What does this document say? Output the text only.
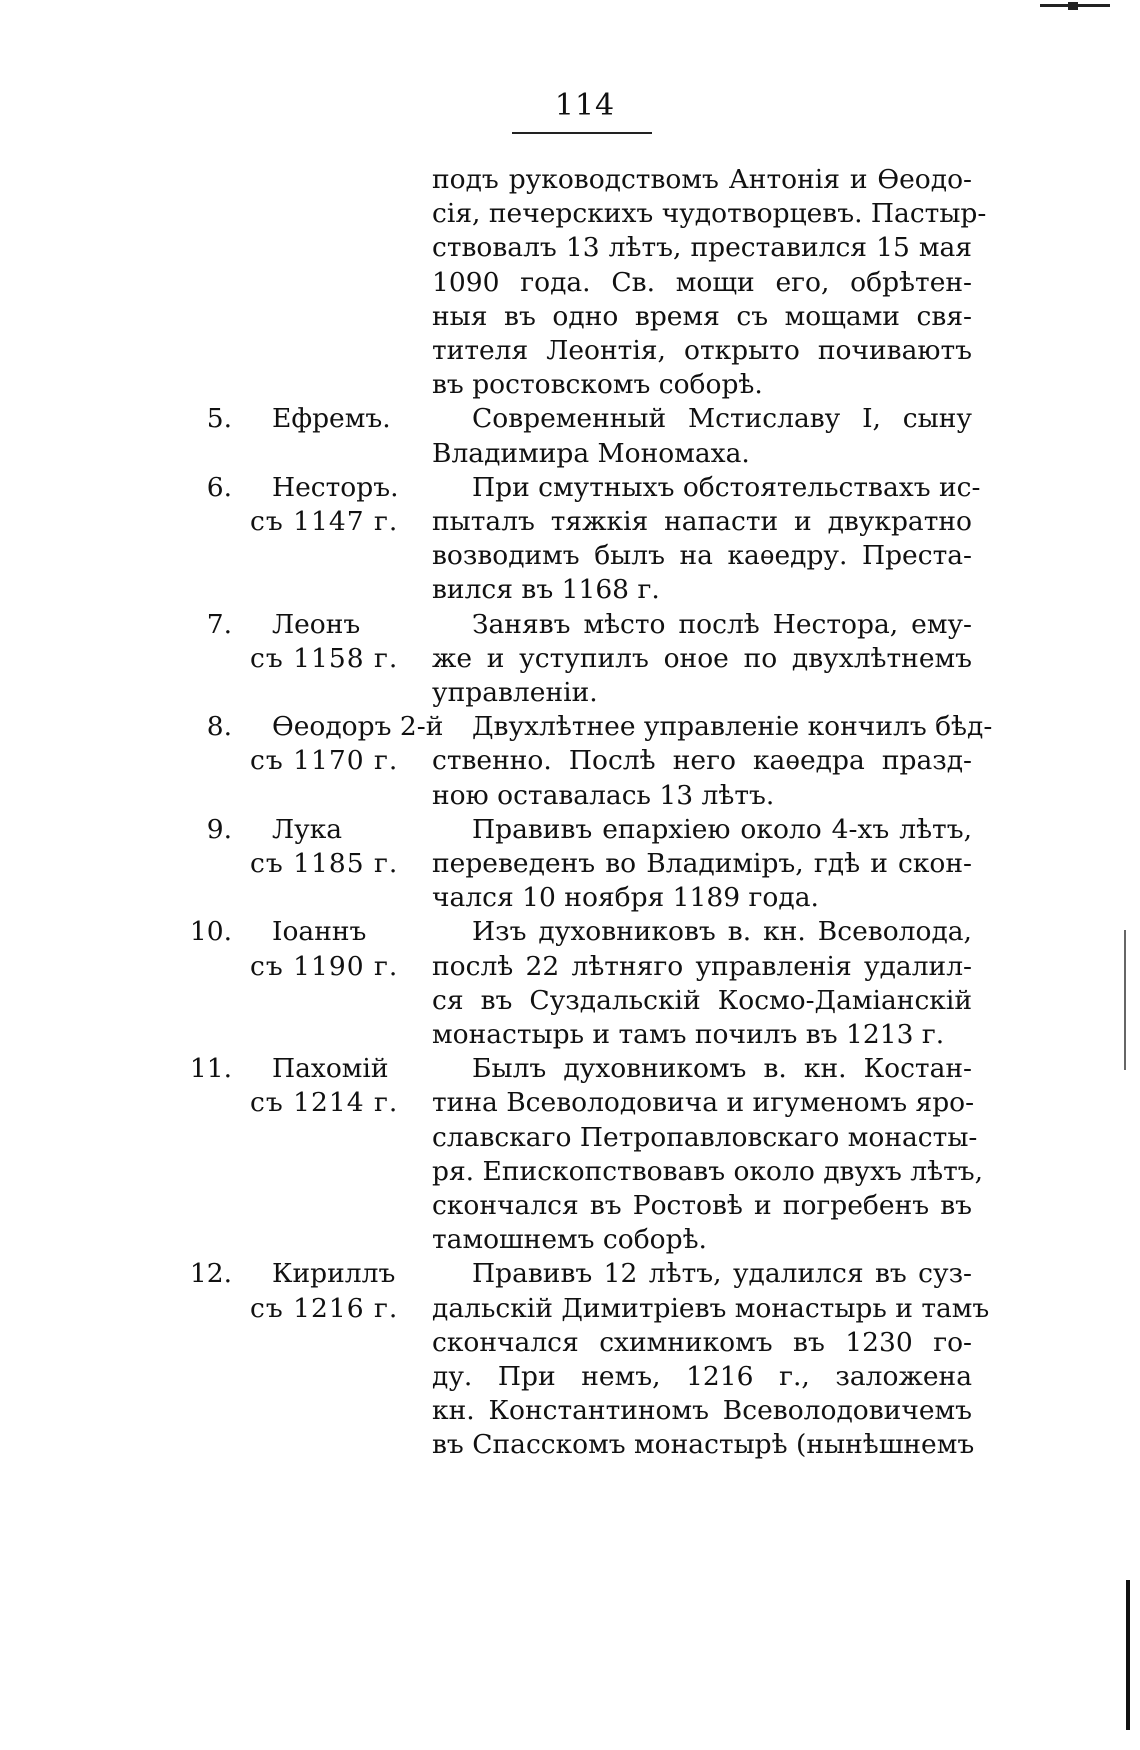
114
подъ руководствомъ Антонія и Ѳеодо-
сія, печерскихъ чудотворцевъ. Пастыр-
ствовалъ 13 лѣтъ, преставился 15 мая
1090 года. Св. мощи его, обрѣтен-
ныя въ одно время съ мощами свя-
тителя Леонтія, открыто почиваютъ
въ ростовскомъ соборѣ.
5. Ефремъ.	Современный Мстиславу I, сыну
Владимира Мономаха.
6. Несторъ.
съ 1147 г.
При смутныхъ обстоятельствахъ ис-
пыталъ тяжкія напасти и двукратно
возводимъ былъ на каѳедру. Преста-
вился въ 1168 г.
7. Леонъ
съ 1158 г.
Занявъ мѣсто послѣ Нестора, ему-
же и уступилъ оное по двухлѣтнемъ
управленіи.
8. Ѳеодоръ 2-й
съ 1170 г.
Двухлѣтнее управленіе кончилъ бѣд-
ственно. Послѣ него каѳедра празд-
ною оставалась 13 лѣтъ.
9. Лука
съ 1185 г.
Правивъ епархіею около 4-хъ лѣтъ,
переведенъ во Владиміръ, гдѣ и скон-
чался 10 ноября 1189 года.
10. Іоаннъ
съ 1190 г.
Изъ духовниковъ в. кн. Всеволода,
послѣ 22 лѣтняго управленія удалил-
ся въ Суздальскій Космо-Даміанскій
монастырь и тамъ почилъ въ 1213 г.
11. Пахомій
съ 1214 г.
Былъ духовникомъ в. кн. Костан-
тина Всеволодовича и игуменомъ яро-
славскаго Петропавловскаго монасты-
ря. Епископствовавъ около двухъ лѣтъ,
скончался въ Ростовѣ и погребенъ въ
тамошнемъ соборѣ.
12. Кириллъ
съ 1216 г.
Правивъ 12 лѣтъ, удалился въ суз-
дальскій Димитріевъ монастырь и тамъ
скончался схимникомъ въ 1230 го-
ду. При немъ, 1216 г., заложена
кн. Константиномъ Всеволодовичемъ
въ Спасскомъ монастырѣ (нынѣшнемъ
